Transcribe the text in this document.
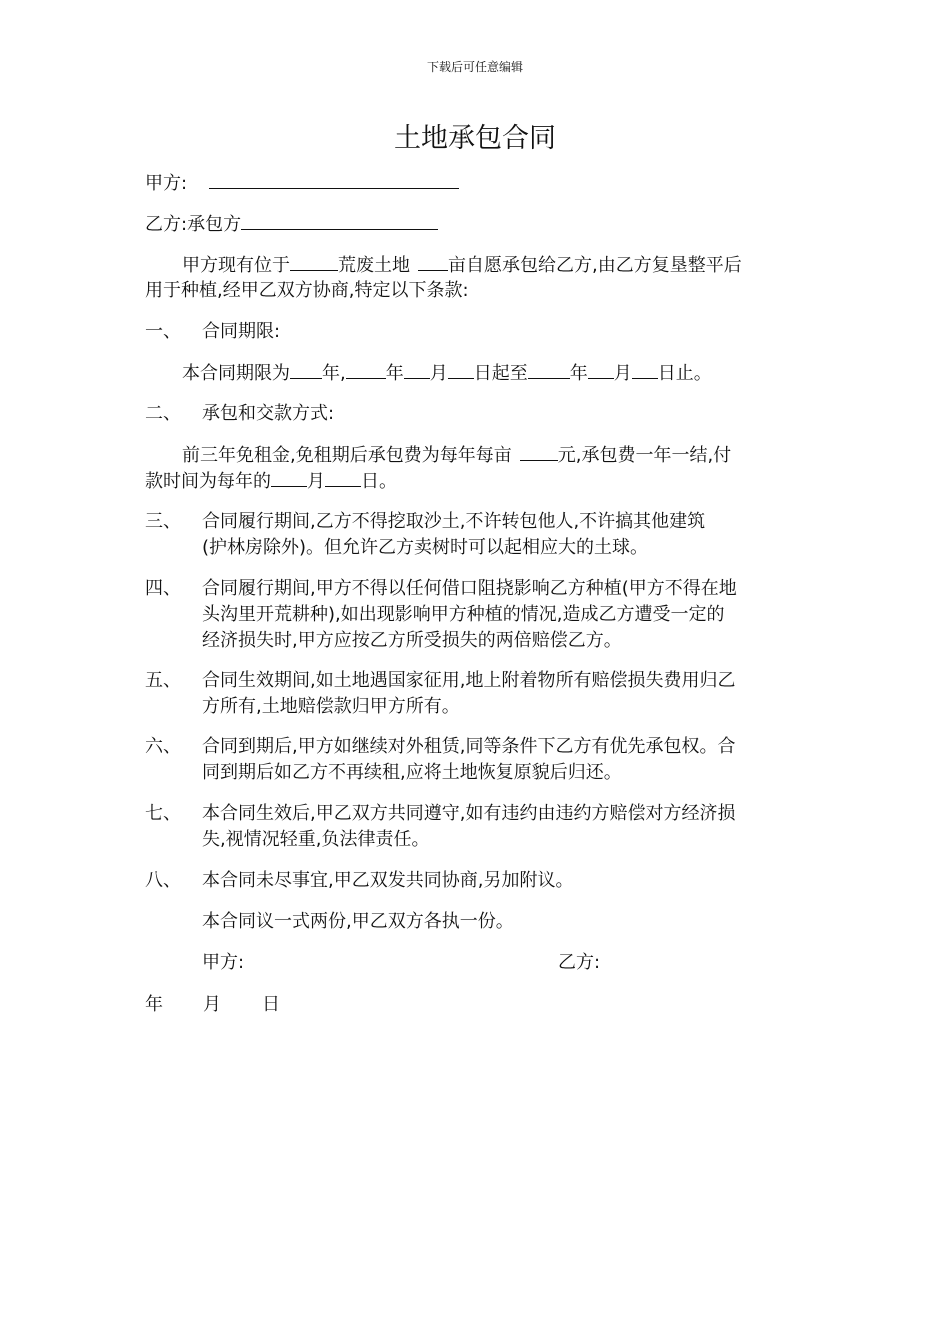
下载后可任意编辑
土地承包合同
甲方:
乙方:承包方
甲方现有位于	荒废土地 亩自愿承包给乙方,由乙方复垦整平后
用于种植,经甲乙双方协商,特定以下条款:
一、 合同期限:
本合同期限为 年, 年 月 日起至 年 月 日止。
二、 承包和交款方式:
前三年免租金,免租期后承包费为每年每亩	元,承包费一年一结,付
款时间为每年的 月 日。
三、 合同履行期间,乙方不得挖取沙土,不许转包他人,不许搞其他建筑
(护林房除外)。但允许乙方卖树时可以起相应大的土球。
四、 合同履行期间,甲方不得以任何借口阻挠影响乙方种植(甲方不得在地
头沟里开荒耕种),如出现影响甲方种植的情况,造成乙方遭受一定的
经济损失时,甲方应按乙方所受损失的两倍赔偿乙方。
五、 合同生效期间,如土地遇国家征用,地上附着物所有赔偿损失费用归乙
方所有,土地赔偿款归甲方所有。
六、 合同到期后,甲方如继续对外租赁,同等条件下乙方有优先承包权。合
同到期后如乙方不再续租,应将土地恢复原貌后归还。
七、 本合同生效后,甲乙双方共同遵守,如有违约由违约方赔偿对方经济损
失,视情况轻重,负法律责任。
八、 本合同未尽事宜,甲乙双发共同协商,另加附议。
本合同议一式两份,甲乙双方各执一份。
甲方:	乙方:
年 月 日
